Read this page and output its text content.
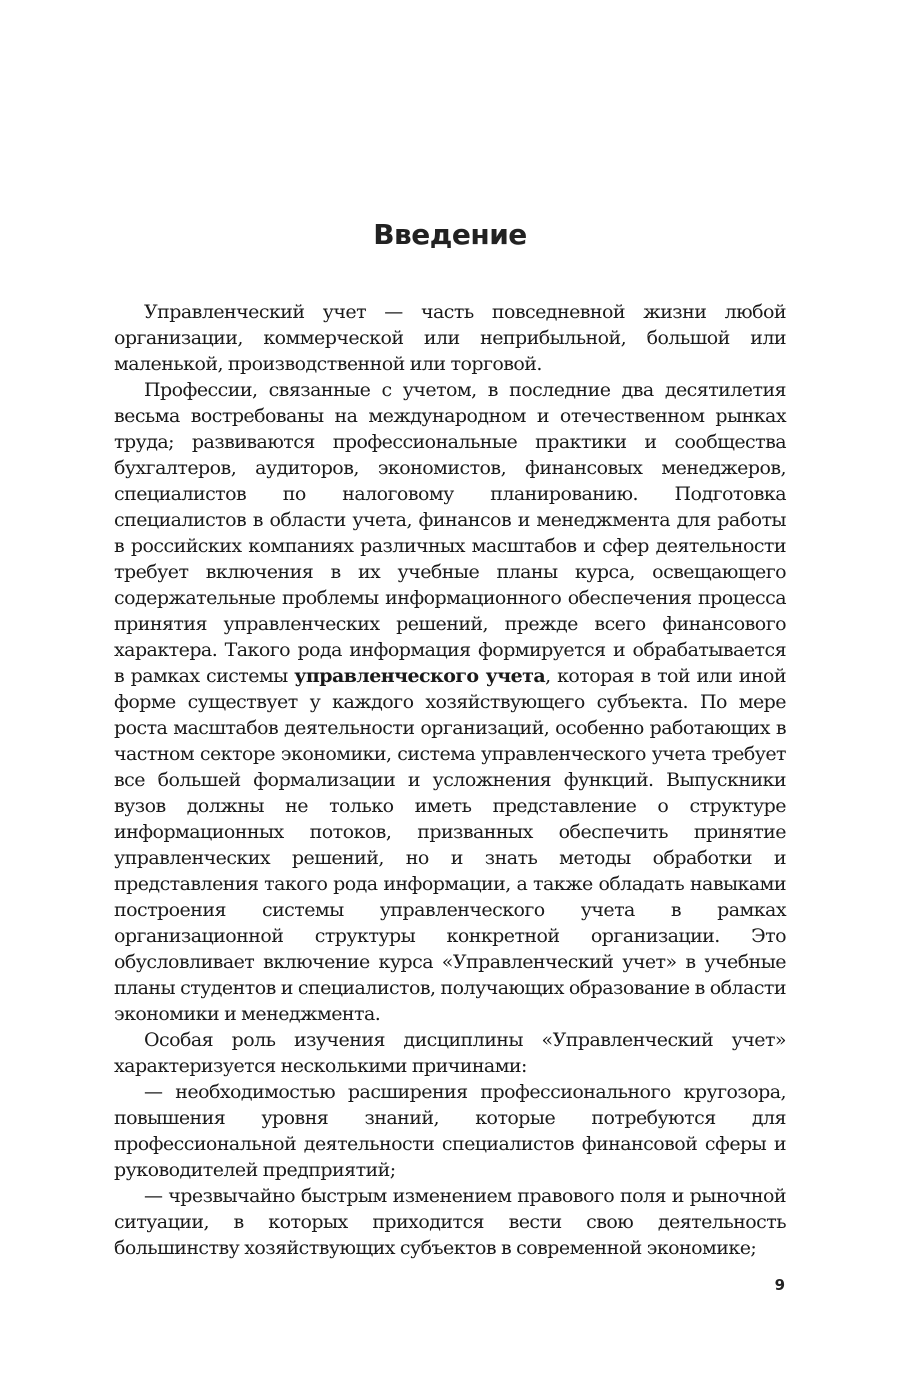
Введение

Управленческий учет — часть повседневной жизни любой организации, коммерческой или неприбыльной, большой или маленькой, производственной или торговой.

Профессии, связанные с учетом, в последние два десятилетия весьма востребованы на международном и отечественном рынках труда; развиваются профессиональные практики и сообщества бухгалтеров, аудиторов, экономистов, финансовых менеджеров, специалистов по налоговому планированию. Подготовка специалистов в области учета, финансов и менеджмента для работы в российских компаниях различных масштабов и сфер деятельности требует включения в их учебные планы курса, освещающего содержательные проблемы информационного обеспечения процесса принятия управленческих решений, прежде всего финансового характера. Такого рода информация формируется и обрабатывается в рамках системы управленческого учета, которая в той или иной форме существует у каждого хозяйствующего субъекта. По мере роста масштабов деятельности организаций, особенно работающих в частном секторе экономики, система управленческого учета требует все большей формализации и усложнения функций. Выпускники вузов должны не только иметь представление о структуре информационных потоков, призванных обеспечить принятие управленческих решений, но и знать методы обработки и представления такого рода информации, а также обладать навыками построения системы управленческого учета в рамках организационной структуры конкретной организации. Это обусловливает включение курса «Управленческий учет» в учебные планы студентов и специалистов, получающих образование в области экономики и менеджмента.

Особая роль изучения дисциплины «Управленческий учет» характеризуется несколькими причинами:

— необходимостью расширения профессионального кругозора, повышения уровня знаний, которые потребуются для профессиональной деятельности специалистов финансовой сферы и руководителей предприятий;

— чрезвычайно быстрым изменением правового поля и рыночной ситуации, в которых приходится вести свою деятельность большинству хозяйствующих субъектов в современной экономике;

9
